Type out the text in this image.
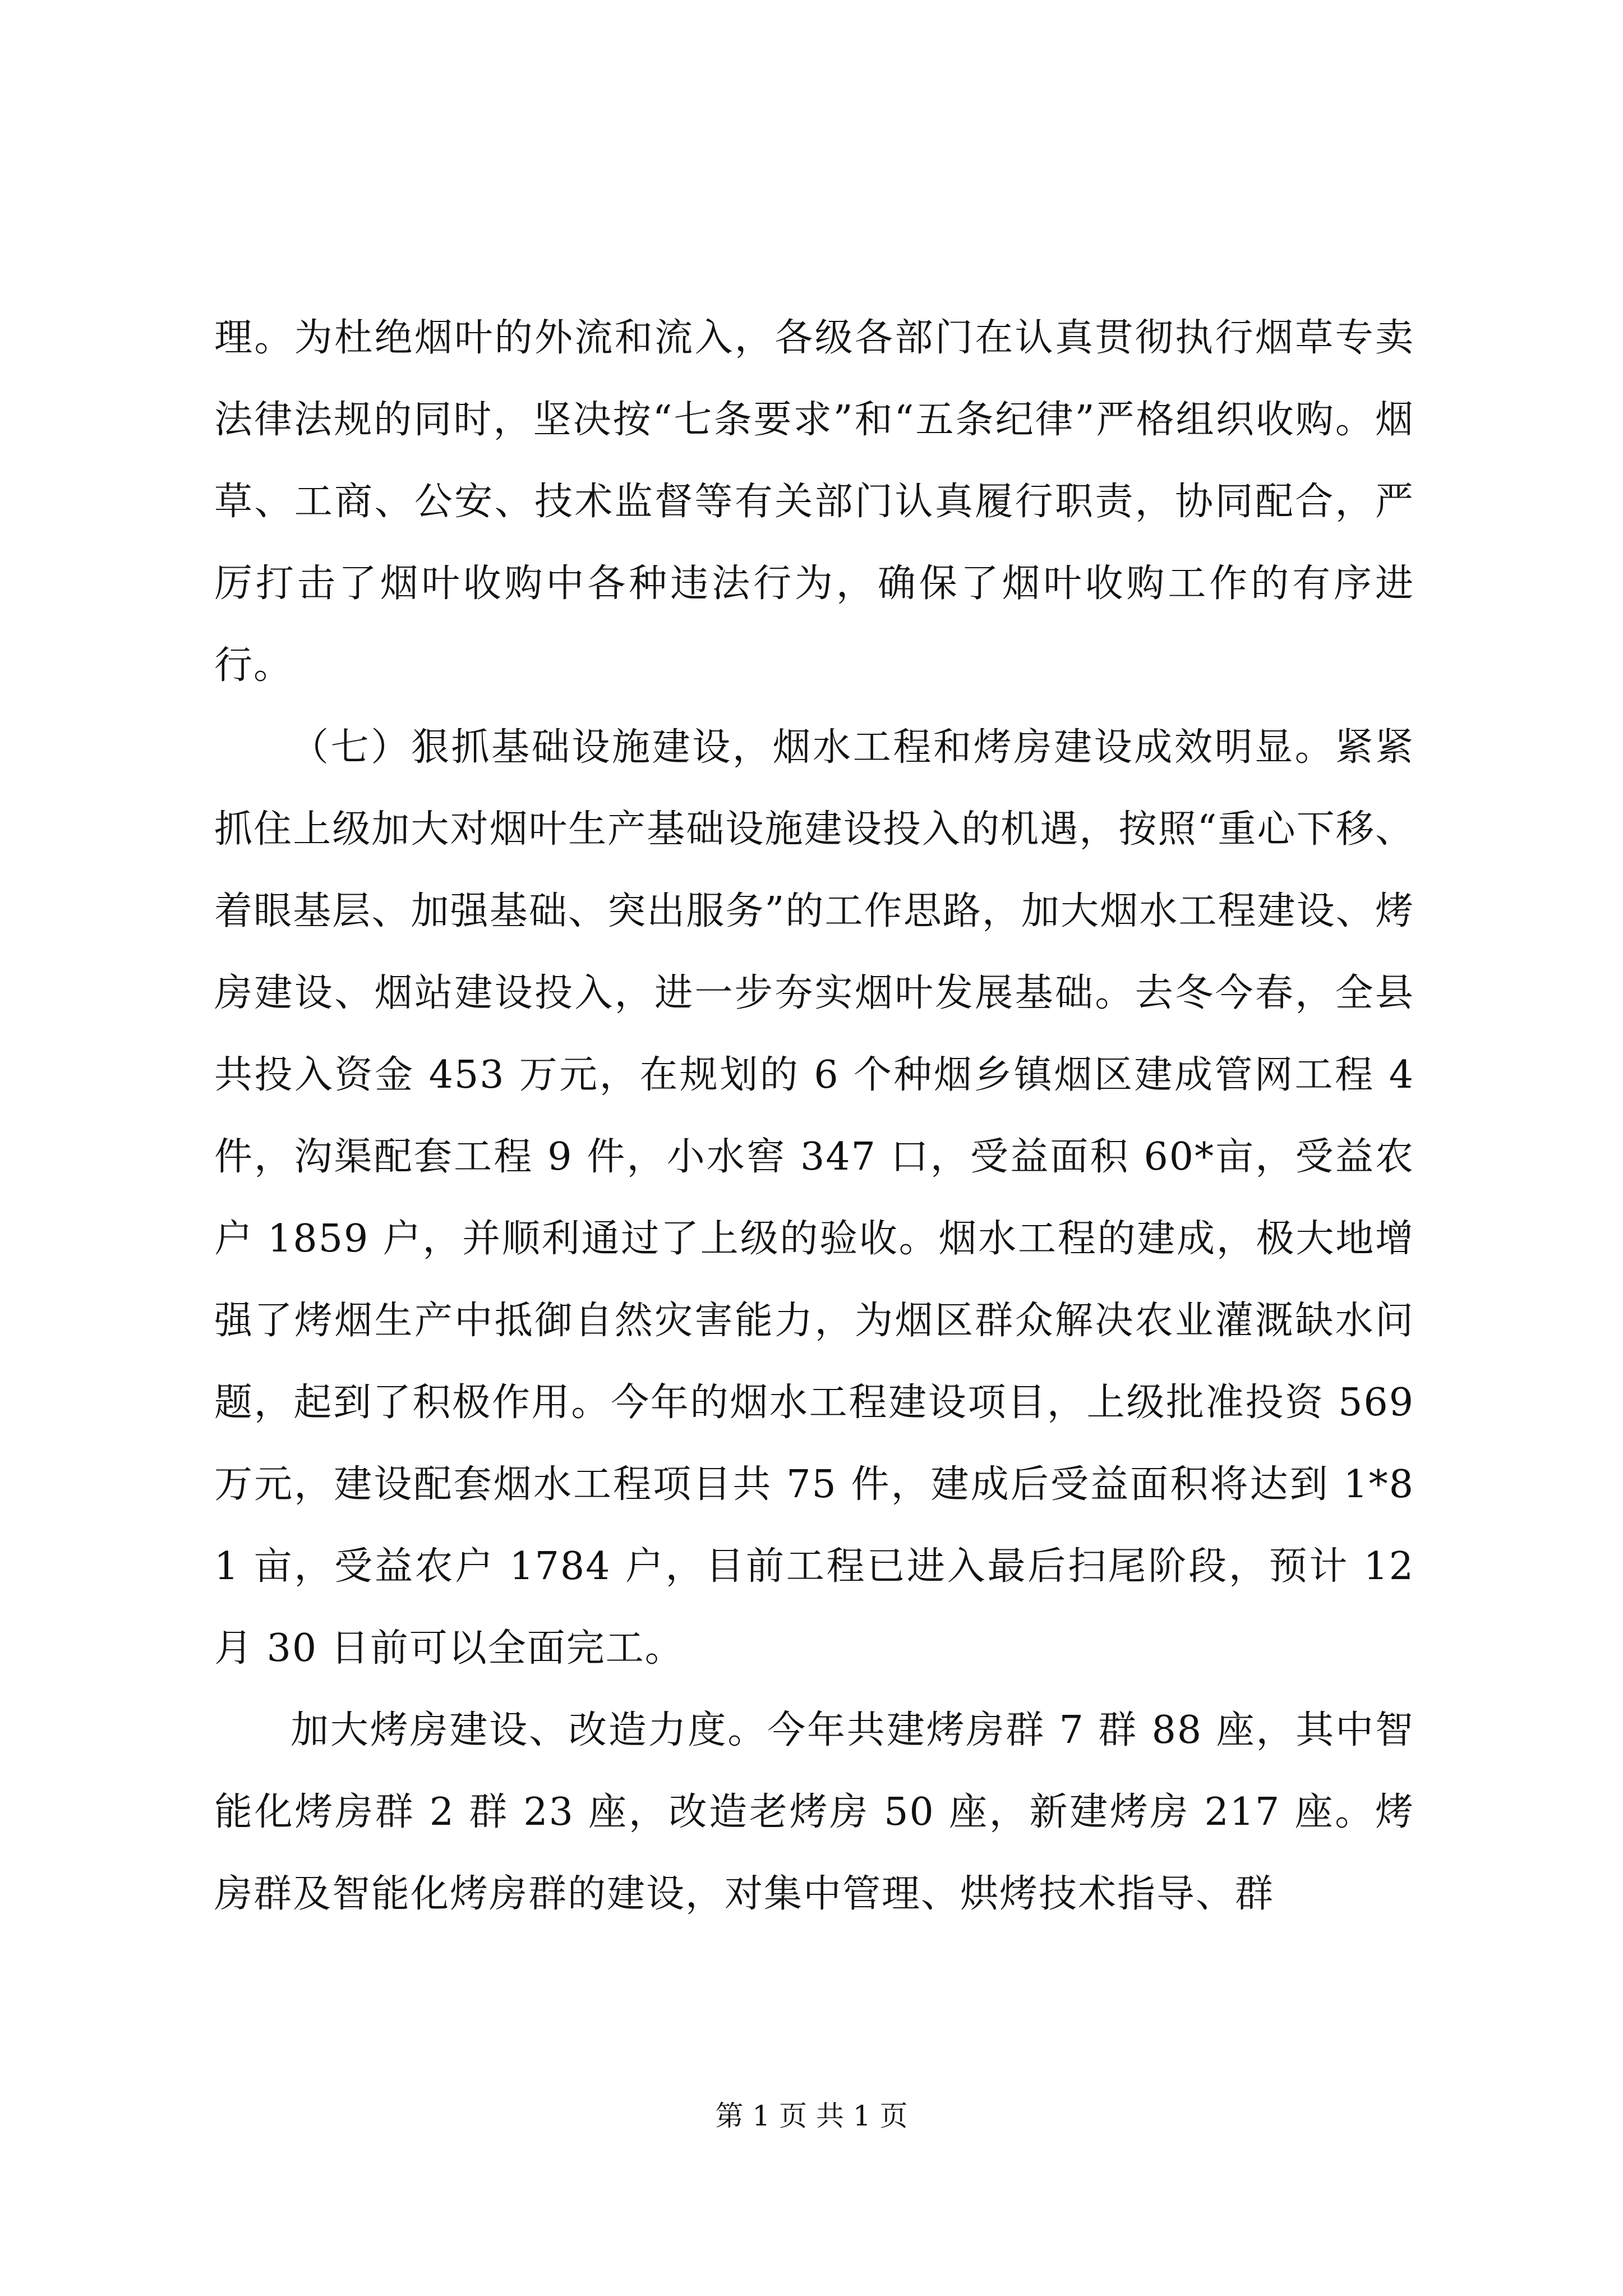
理。为杜绝烟叶的外流和流入，各级各部门在认真贯彻执行烟草专卖法律法规的同时，坚决按“七条要求”和“五条纪律”严格组织收购。烟草、工商、公安、技术监督等有关部门认真履行职责，协同配合，严厉打击了烟叶收购中各种违法行为，确保了烟叶收购工作的有序进行。

（七）狠抓基础设施建设，烟水工程和烤房建设成效明显。紧紧抓住上级加大对烟叶生产基础设施建设投入的机遇，按照“重心下移、着眼基层、加强基础、突出服务”的工作思路，加大烟水工程建设、烤房建设、烟站建设投入，进一步夯实烟叶发展基础。去冬今春，全县共投入资金 453 万元，在规划的 6 个种烟乡镇烟区建成管网工程 4 件，沟渠配套工程 9 件，小水窖 347 口，受益面积 60*亩，受益农户 1859 户，并顺利通过了上级的验收。烟水工程的建成，极大地增强了烤烟生产中抵御自然灾害能力，为烟区群众解决农业灌溉缺水问题，起到了积极作用。今年的烟水工程建设项目，上级批准投资 569 万元，建设配套烟水工程项目共 75 件，建成后受益面积将达到 1*81 亩，受益农户 1784 户，目前工程已进入最后扫尾阶段，预计 12 月 30 日前可以全面完工。

加大烤房建设、改造力度。今年共建烤房群 7 群 88 座，其中智能化烤房群 2 群 23 座，改造老烤房 50 座，新建烤房 217 座。烤房群及智能化烤房群的建设，对集中管理、烘烤技术指导、群

第 1 页 共 1 页
